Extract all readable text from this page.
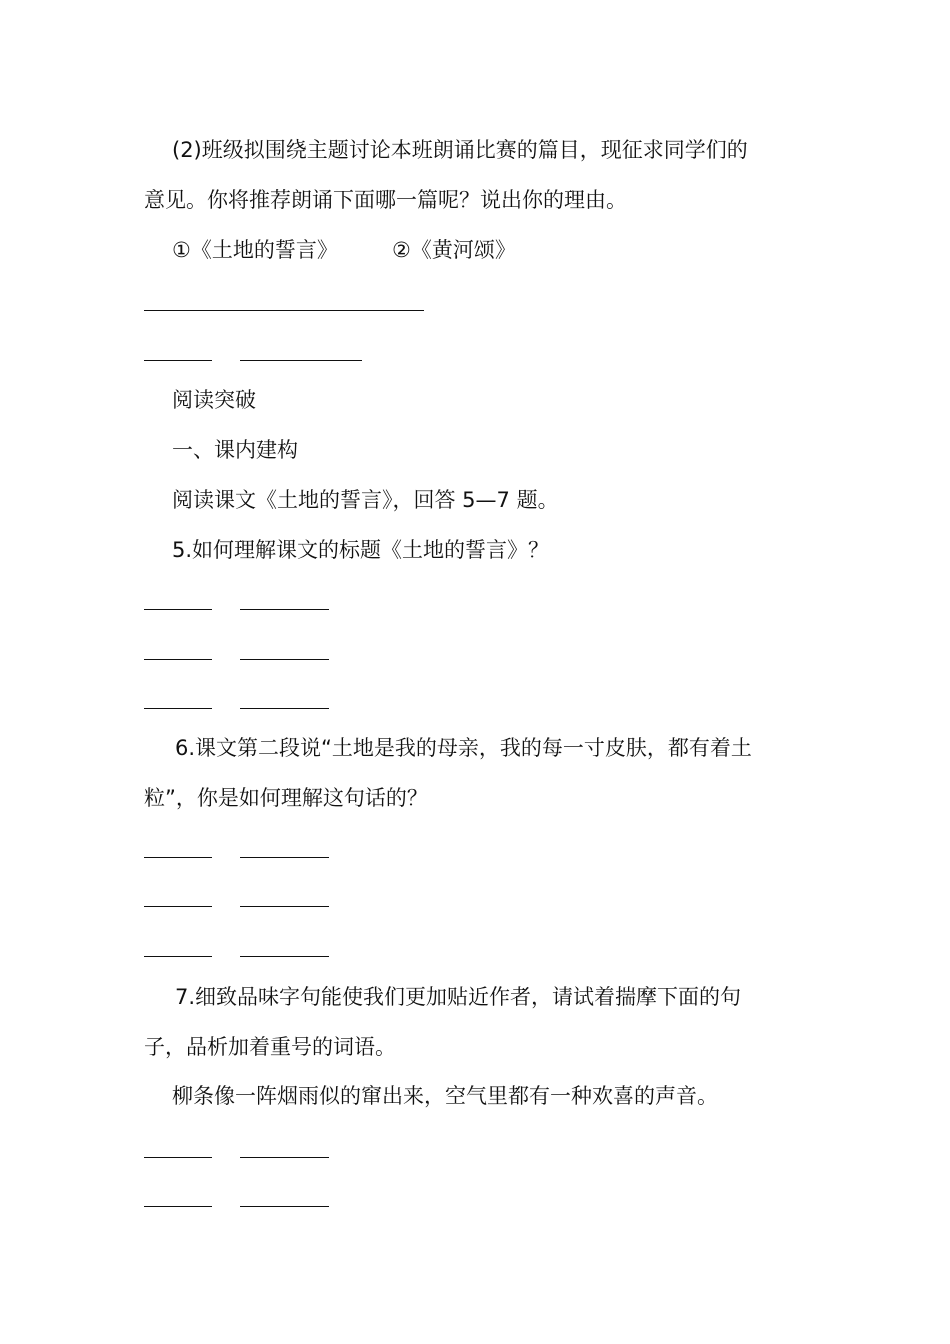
(2)班级拟围绕主题讨论本班朗诵比赛的篇目，现征求同学们的
意见。你将推荐朗诵下面哪一篇呢？说出你的理由。
①《土地的誓言》	②《黄河颂》
阅读突破
一、课内建构
阅读课文《土地的誓言》，回答 5—7 题。
5.如何理解课文的标题《土地的誓言》？
6.课文第二段说“土地是我的母亲，我的每一寸皮肤，都有着土
粒”，你是如何理解这句话的？
7.细致品味字句能使我们更加贴近作者，请试着揣摩下面的句
子，品析加着重号的词语。
柳条像一阵烟雨似的窜出来，空气里都有一种欢喜的声音。
